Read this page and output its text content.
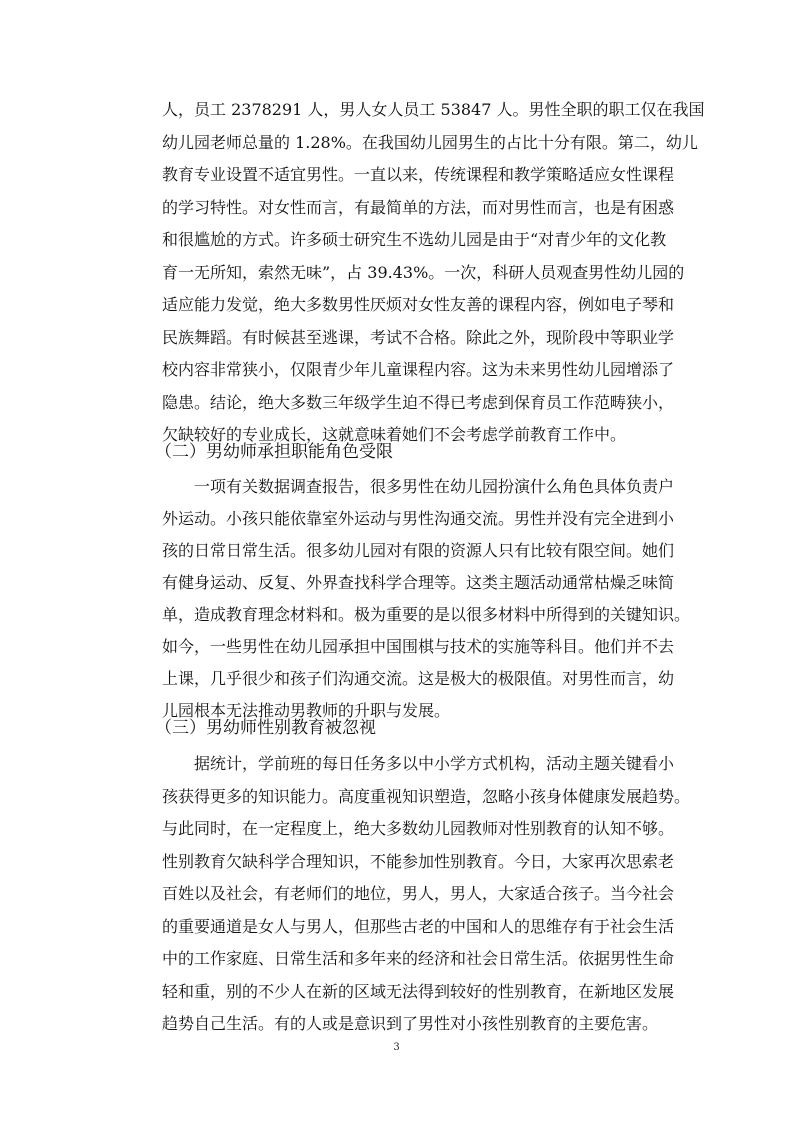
人，员工 2378291 人，男人女人员工 53847 人。男性全职的职工仅在我国
幼儿园老师总量的 1.28%。在我国幼儿园男生的占比十分有限。第二，幼儿
教育专业设置不适宜男性。一直以来，传统课程和教学策略适应女性课程
的学习特性。对女性而言，有最简单的方法，而对男性而言，也是有困惑
和很尴尬的方式。许多硕士研究生不选幼儿园是由于“对青少年的文化教
育一无所知，索然无味”，占 39.43%。一次，科研人员观查男性幼儿园的
适应能力发觉，绝大多数男性厌烦对女性友善的课程内容，例如电子琴和
民族舞蹈。有时候甚至逃课，考试不合格。除此之外，现阶段中等职业学
校内容非常狭小，仅限青少年儿童课程内容。这为未来男性幼儿园增添了
隐患。结论，绝大多数三年级学生迫不得已考虑到保育员工作范畴狭小，
欠缺较好的专业成长，这就意味着她们不会考虑学前教育工作中。
（二）男幼师承担职能角色受限
一项有关数据调查报告，很多男性在幼儿园扮演什么角色具体负责户
外运动。小孩只能依靠室外运动与男性沟通交流。男性并没有完全进到小
孩的日常日常生活。很多幼儿园对有限的资源人只有比较有限空间。她们
有健身运动、反复、外界查找科学合理等。这类主题活动通常枯燥乏味简
单，造成教育理念材料和。极为重要的是以很多材料中所得到的关键知识。
如今，一些男性在幼儿园承担中国围棋与技术的实施等科目。他们并不去
上课，几乎很少和孩子们沟通交流。这是极大的极限值。对男性而言，幼
儿园根本无法推动男教师的升职与发展。
（三）男幼师性别教育被忽视
据统计，学前班的每日任务多以中小学方式机构，活动主题关键看小
孩获得更多的知识能力。高度重视知识塑造，忽略小孩身体健康发展趋势。
与此同时，在一定程度上，绝大多数幼儿园教师对性别教育的认知不够。
性别教育欠缺科学合理知识，不能参加性别教育。今日，大家再次思索老
百姓以及社会，有老师们的地位，男人，男人，大家适合孩子。当今社会
的重要通道是女人与男人，但那些古老的中国和人的思维存有于社会生活
中的工作家庭、日常生活和多年来的经济和社会日常生活。依据男性生命
轻和重，别的不少人在新的区域无法得到较好的性别教育，在新地区发展
趋势自己生活。有的人或是意识到了男性对小孩性别教育的主要危害。
3
